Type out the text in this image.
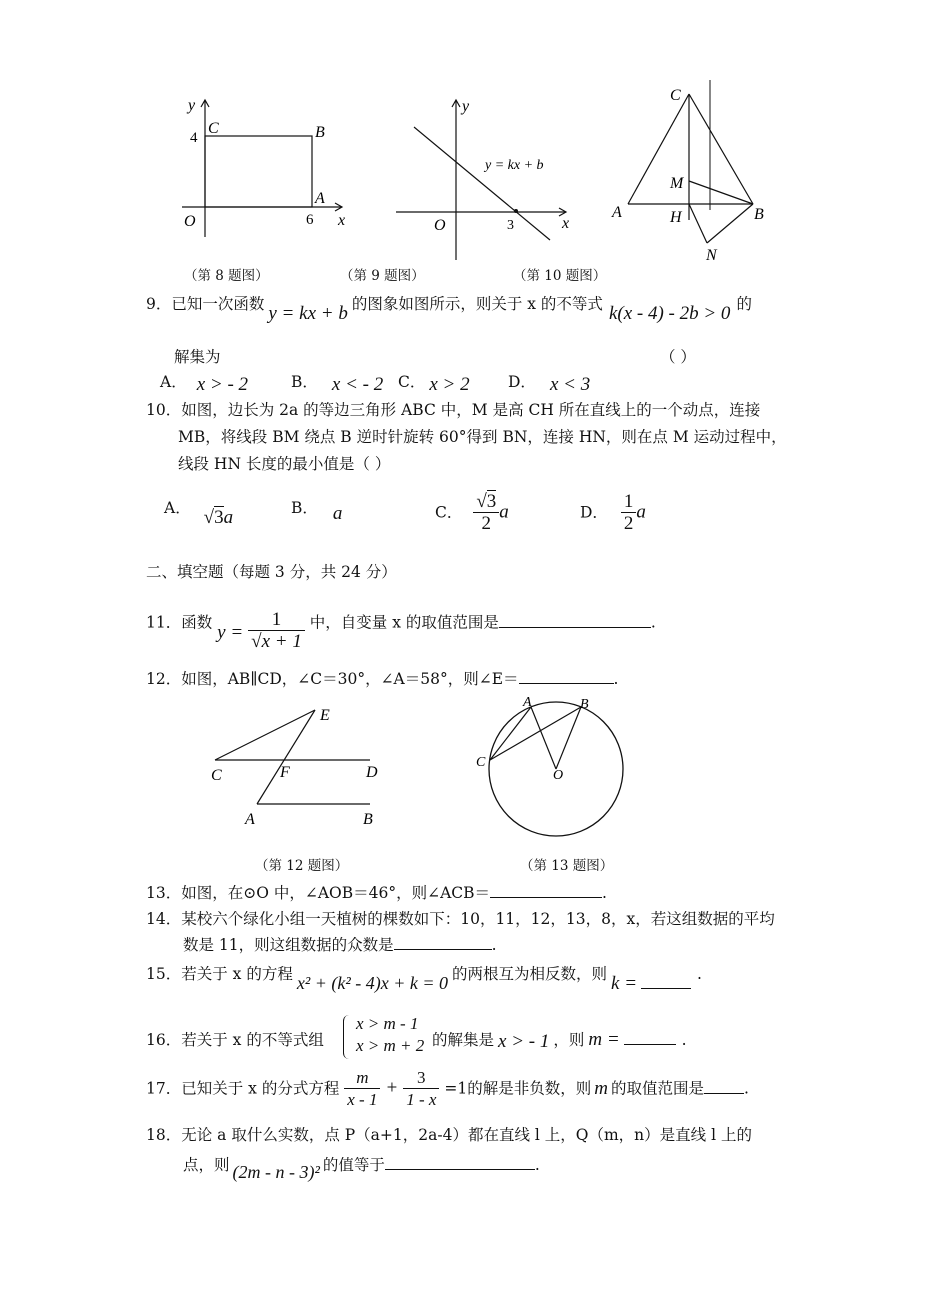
y
x
O
4
6
C	B
A
y
x
O	3
y = kx + b
C
M
A	H	B
N
（第 8 题图）	（第 9 题图）	（第 10 题图）
9．已知一次函数 y = kx + b 的图象如图所示，则关于 x 的不等式 k(x - 4) - 2b > 0 的
解集为	（ ）
A． x > - 2	B． x < - 2 C． x > 2 D． x < 3
10．如图，边长为 2a 的等边三角形 ABC 中，M 是高 CH 所在直线上的一个动点，连接
MB，将线段 BM 绕点 B 逆时针旋转 60°得到 BN，连接 HN，则在点 M 运动过程中，
线段 HN 长度的最小值是（ ）
A． √3a	B． a	C． $\frac{√3}{2}$ a	D． $\frac{1}{2}$ a
二、填空题（每题 3 分，共 24 分）
11．函数 $y = \frac{1}{√x + 1}$ 中，自变量 x 的取值范围是	.
12．如图，AB∥CD，∠C＝30°，∠A＝58°，则∠E＝	.
E
C	F	D
A	B
A	B
C
O
（第 12 题图）	（第 13 题图）
13．如图，在⊙O 中，∠AOB＝46°，则∠ACB＝	.
14．某校六个绿化小组一天植树的棵数如下：10，11，12，13，8，x，若这组数据的平均
数是 11，则这组数据的众数是	.
15．若关于 x 的方程 x² + (k² - 4)x + k = 0 的两根互为相反数，则 k =	.
16．若关于 x 的不等式组
x > m - 1
x > m + 2 的解集是 x > - 1 ，则 m =	.
17．已知关于 x 的分式方程 $\frac{m}{x - 1} + \frac{3}{1 - x} =1$的解是非负数，则 m 的取值范围是	.
18．无论 a 取什么实数，点 P（a+1，2a-4）都在直线 l 上，Q（m，n）是直线 l 上的
点，则 (2m - n - 3)² 的值等于	.
